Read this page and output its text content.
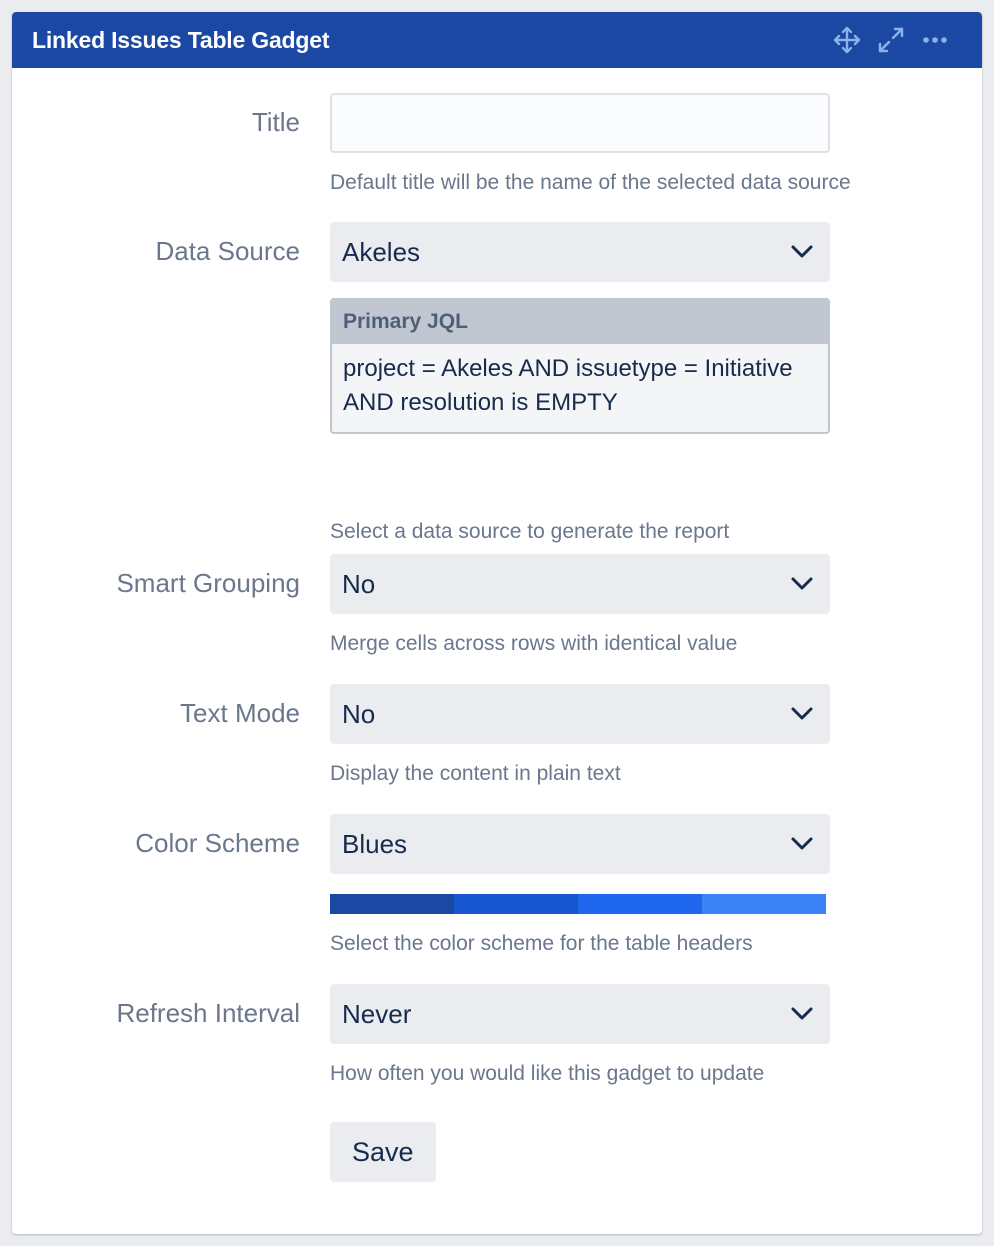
Linked Issues Table Gadget
Title
Default title will be the name of the selected data source
Data Source Akeles
Primary JQL
project = Akeles AND issuetype = Initiative AND resolution is EMPTY
Select a data source to generate the report
Smart Grouping No
Merge cells across rows with identical value
Text Mode No
Display the content in plain text
Color Scheme Blues
Select the color scheme for the table headers
Refresh Interval Never
How often you would like this gadget to update
Save
